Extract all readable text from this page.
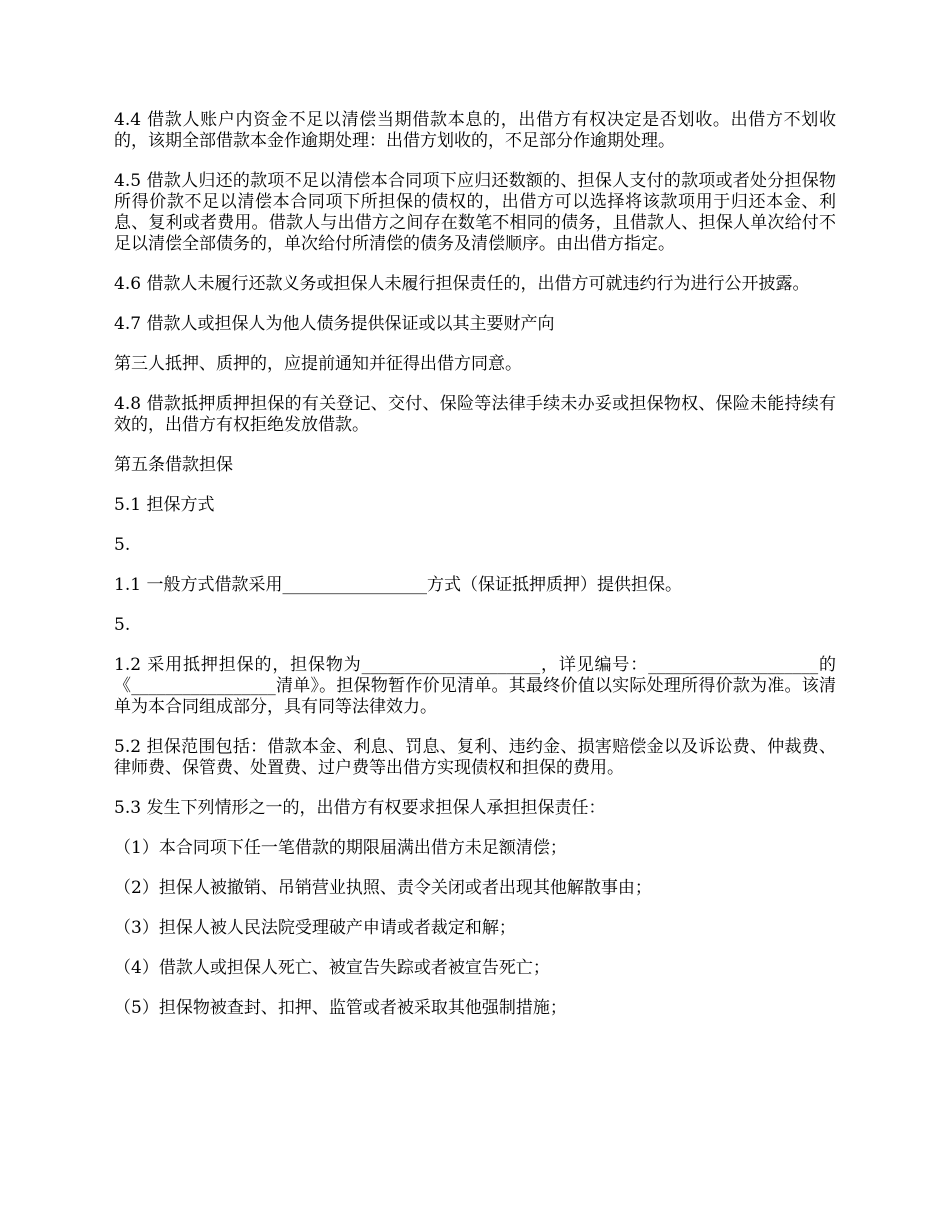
4.4 借款人账户内资金不足以清偿当期借款本息的，出借方有权决定是否划收。出借方不划收的，该期全部借款本金作逾期处理：出借方划收的，不足部分作逾期处理。

4.5 借款人归还的款项不足以清偿本合同项下应归还数额的、担保人支付的款项或者处分担保物所得价款不足以清偿本合同项下所担保的债权的，出借方可以选择将该款项用于归还本金、利息、复利或者费用。借款人与出借方之间存在数笔不相同的债务，且借款人、担保人单次给付不足以清偿全部债务的，单次给付所清偿的债务及清偿顺序。由出借方指定。

4.6 借款人未履行还款义务或担保人未履行担保责任的，出借方可就违约行为进行公开披露。

4.7 借款人或担保人为他人债务提供保证或以其主要财产向

第三人抵押、质押的，应提前通知并征得出借方同意。

4.8 借款抵押质押担保的有关登记、交付、保险等法律手续未办妥或担保物权、保险未能持续有效的，出借方有权拒绝发放借款。

第五条借款担保

5.1 担保方式

5.

1.1 一般方式借款采用_________________方式（保证抵押质押）提供担保。

5.

1.2 采用抵押担保的，担保物为_____________________，详见编号：____________________的《_________________清单》。担保物暂作价见清单。其最终价值以实际处理所得价款为准。该清单为本合同组成部分，具有同等法律效力。

5.2 担保范围包括：借款本金、利息、罚息、复利、违约金、损害赔偿金以及诉讼费、仲裁费、律师费、保管费、处置费、过户费等出借方实现债权和担保的费用。

5.3 发生下列情形之一的，出借方有权要求担保人承担担保责任：

（1）本合同项下任一笔借款的期限届满出借方未足额清偿；

（2）担保人被撤销、吊销营业执照、责令关闭或者出现其他解散事由；

（3）担保人被人民法院受理破产申请或者裁定和解；

（4）借款人或担保人死亡、被宣告失踪或者被宣告死亡；

（5）担保物被查封、扣押、监管或者被采取其他强制措施；
